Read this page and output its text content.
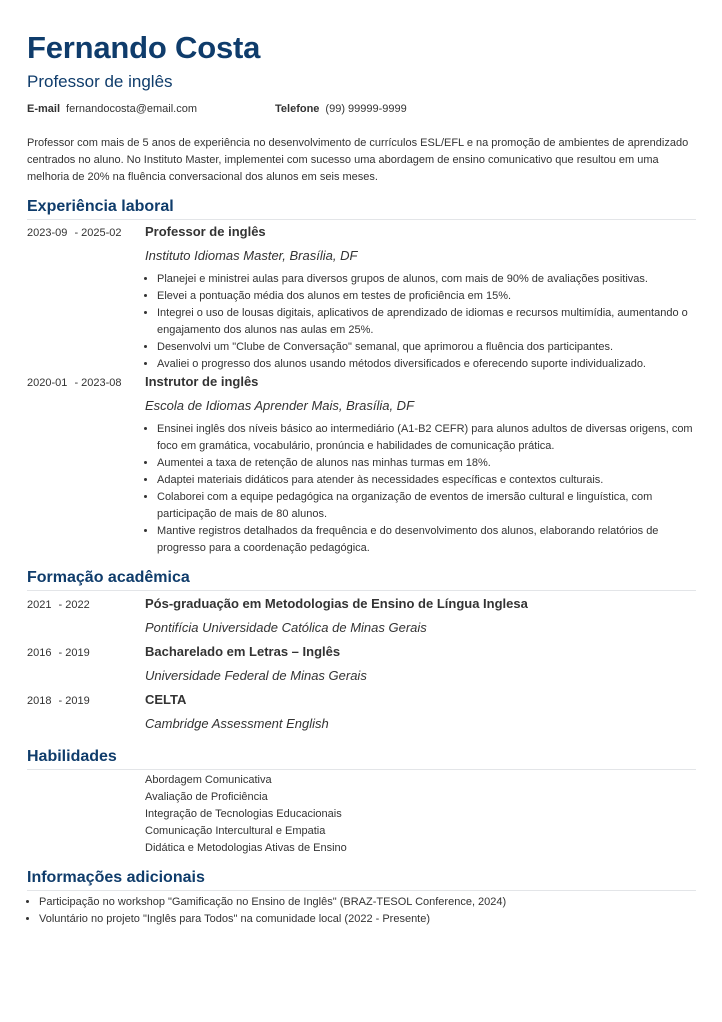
Fernando Costa
Professor de inglês
E-mail fernandocosta@email.com	Telefone (99) 99999-9999
Professor com mais de 5 anos de experiência no desenvolvimento de currículos ESL/EFL e na promoção de ambientes de aprendizado centrados no aluno. No Instituto Master, implementei com sucesso uma abordagem de ensino comunicativo que resultou em uma melhoria de 20% na fluência conversacional dos alunos em seis meses.
Experiência laboral
2023-09 - 2025-02	Professor de inglês
Instituto Idiomas Master, Brasília, DF
• Planejei e ministrei aulas para diversos grupos de alunos, com mais de 90% de avaliações positivas.
• Elevei a pontuação média dos alunos em testes de proficiência em 15%.
• Integrei o uso de lousas digitais, aplicativos de aprendizado de idiomas e recursos multimídia, aumentando o engajamento dos alunos nas aulas em 25%.
• Desenvolvi um "Clube de Conversação" semanal, que aprimorou a fluência dos participantes.
• Avaliei o progresso dos alunos usando métodos diversificados e oferecendo suporte individualizado.
2020-01 - 2023-08	Instrutor de inglês
Escola de Idiomas Aprender Mais, Brasília, DF
• Ensinei inglês dos níveis básico ao intermediário (A1-B2 CEFR) para alunos adultos de diversas origens, com foco em gramática, vocabulário, pronúncia e habilidades de comunicação prática.
• Aumentei a taxa de retenção de alunos nas minhas turmas em 18%.
• Adaptei materiais didáticos para atender às necessidades específicas e contextos culturais.
• Colaborei com a equipe pedagógica na organização de eventos de imersão cultural e linguística, com participação de mais de 80 alunos.
• Mantive registros detalhados da frequência e do desenvolvimento dos alunos, elaborando relatórios de progresso para a coordenação pedagógica.
Formação acadêmica
2021 - 2022	Pós-graduação em Metodologias de Ensino de Língua Inglesa
Pontifícia Universidade Católica de Minas Gerais
2016 - 2019	Bacharelado em Letras – Inglês
Universidade Federal de Minas Gerais
2018 - 2019	CELTA
Cambridge Assessment English
Habilidades
Abordagem Comunicativa
Avaliação de Proficiência
Integração de Tecnologias Educacionais
Comunicação Intercultural e Empatia
Didática e Metodologias Ativas de Ensino
Informações adicionais
• Participação no workshop "Gamificação no Ensino de Inglês" (BRAZ-TESOL Conference, 2024)
• Voluntário no projeto "Inglês para Todos" na comunidade local (2022 - Presente)
